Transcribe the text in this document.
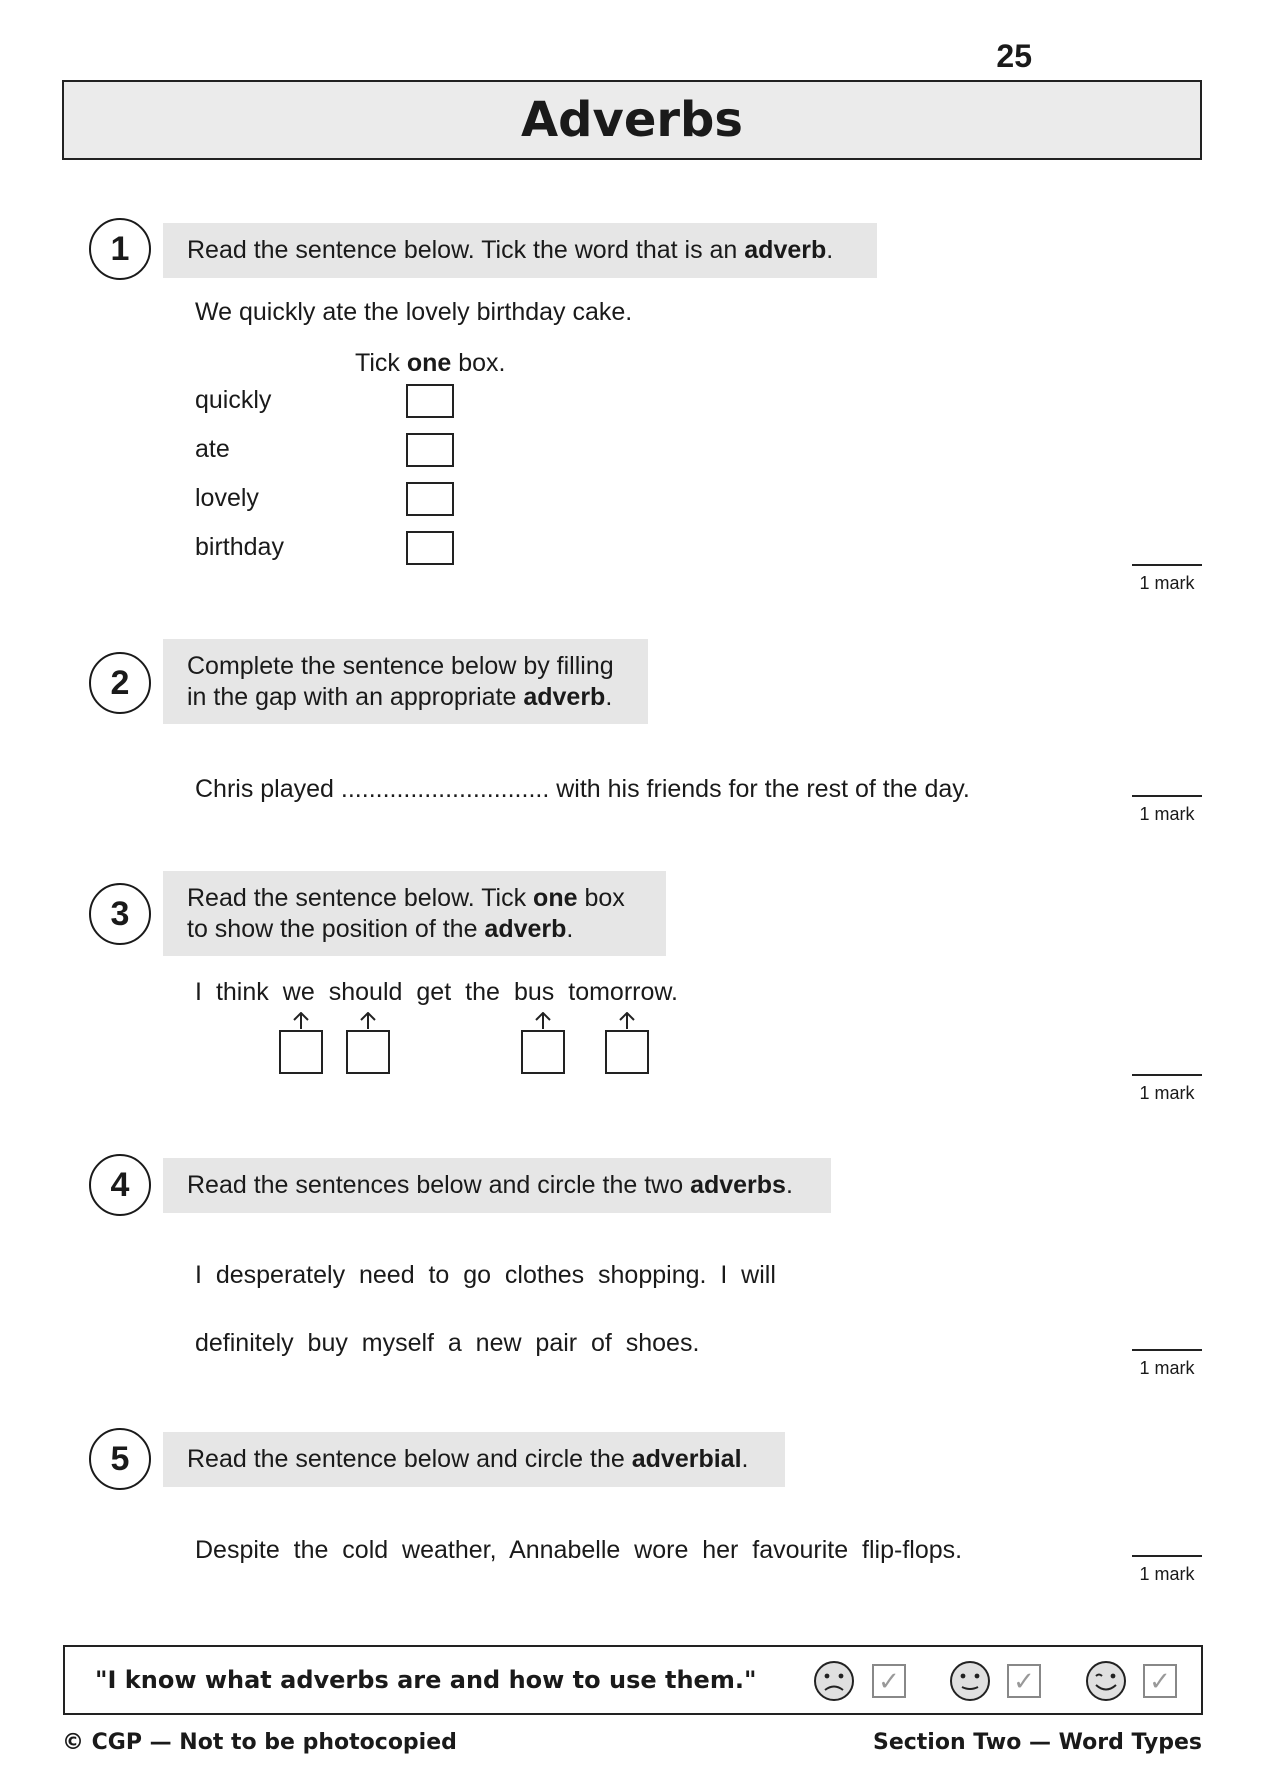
25
Adverbs
1	Read the sentence below. Tick the word that is an adverb.
We quickly ate the lovely birthday cake.
Tick one box.
quickly
ate
lovely
birthday
1 mark
2	Complete the sentence below by filling
in the gap with an appropriate adverb.
Chris played .............................. with his friends for the rest of the day.
1 mark
3	Read the sentence below. Tick one box
to show the position of the adverb.
I think we should get the bus tomorrow.
1 mark
4	Read the sentences below and circle the two adverbs.
I  desperately  need  to  go  clothes  shopping.  I  will
definitely  buy  myself  a  new  pair  of  shoes.
1 mark
5	Read the sentence below and circle the adverbial.
Despite  the  cold  weather,  Annabelle  wore  her  favourite  flip-flops.
1 mark
"I know what adverbs are and how to use them."	✓	✓	✓
© CGP — Not to be photocopied	Section Two — Word Types
